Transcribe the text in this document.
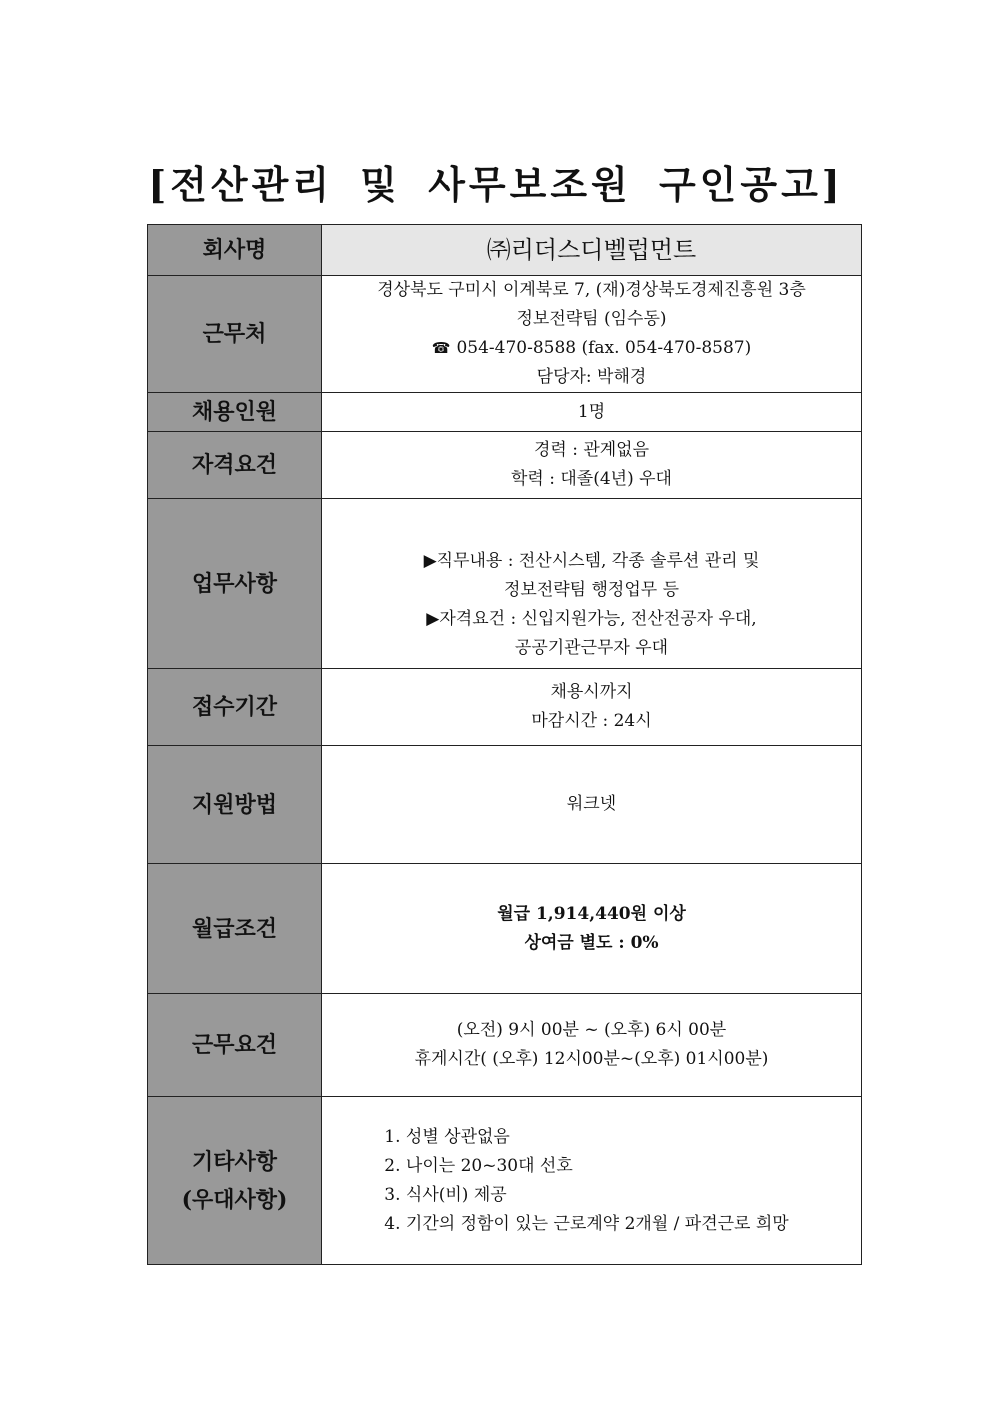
[전산관리 및 사무보조원 구인공고]
회사명	㈜리더스디벨럽먼트
근무처	경상북도 구미시 이계북로 7, (재)경상북도경제진흥원 3층
정보전략팀 (임수동)
☎ 054-470-8588 (fax. 054-470-8587)
담당자: 박해경

채용인원	1명
자격요건	경력 : 관계없음
학력 : 대졸(4년) 우대

업무사항	▶직무내용 : 전산시스템, 각종 솔루션 관리 및
정보전략팀 행정업무 등
▶자격요건 : 신입지원가능, 전산전공자 우대,
공공기관근무자 우대

접수기간	채용시까지
마감시간 : 24시

지원방법	워크넷
월급조건	월급 1,914,440원 이상
상여금 별도 : 0%

근무요건	(오전) 9시 00분 ~ (오후) 6시 00분
휴게시간( (오후) 12시00분~(오후) 01시00분)

기타사항
(우대사항)	1. 성별 상관없음
2. 나이는 20~30대 선호
3. 식사(비) 제공
4. 기간의 정함이 있는 근로계약 2개월 / 파견근로 희망
